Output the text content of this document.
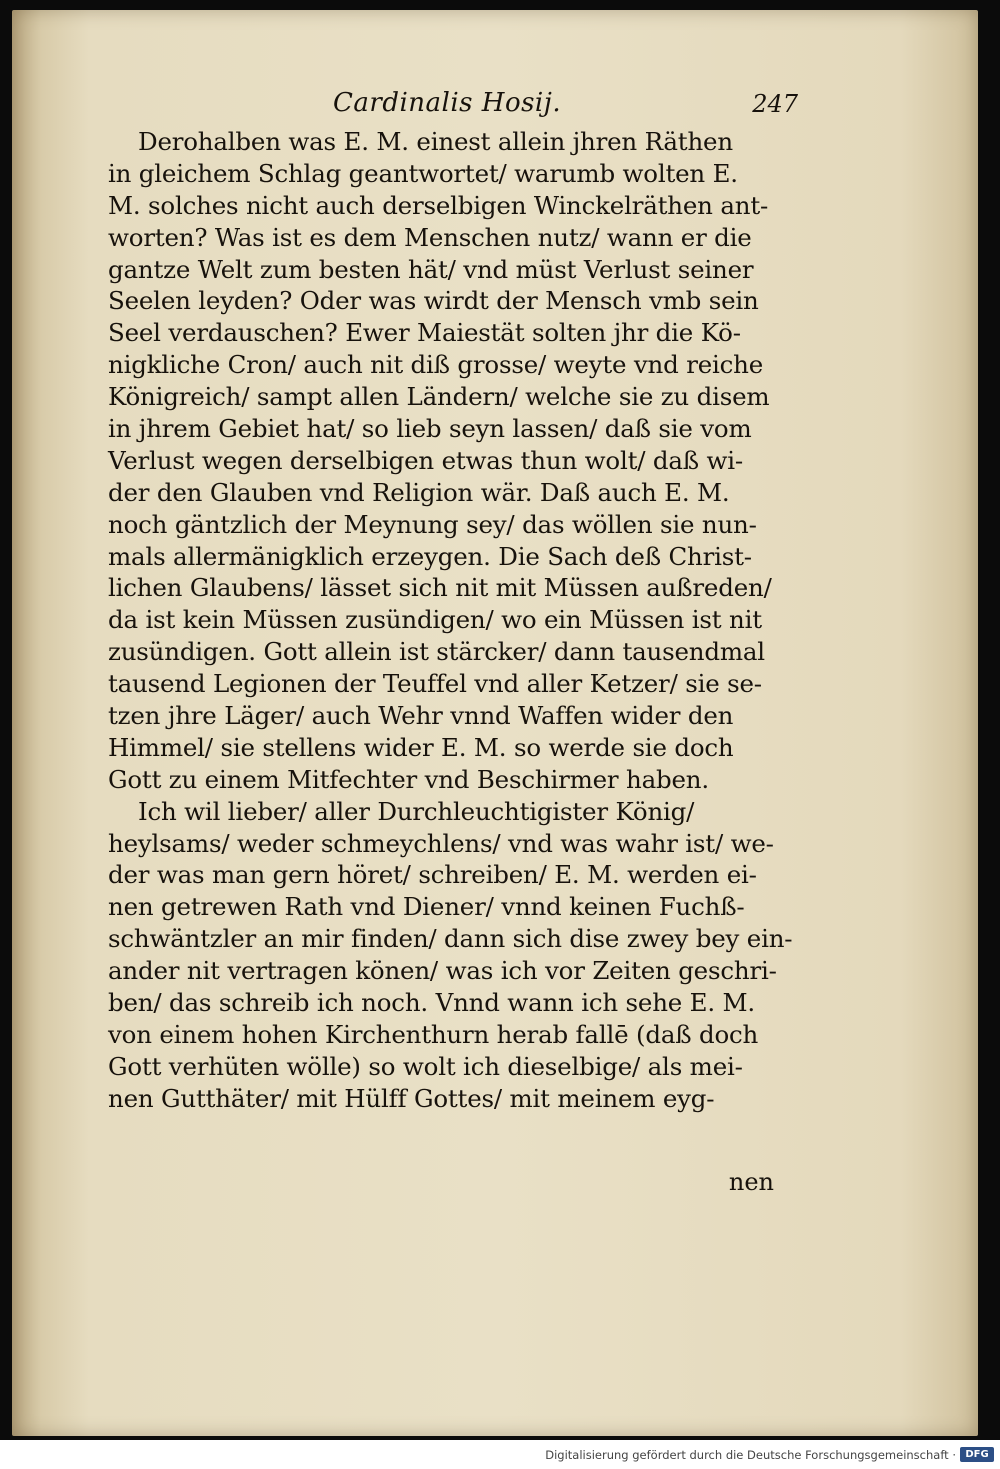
Cardinalis Hosij.	247
Derohalben was E. M. einest allein jhren Räthen
in gleichem Schlag geantwortet/ warumb wolten E.
M. solches nicht auch derselbigen Winckelräthen ant-
worten? Was ist es dem Menschen nutz/ wann er die
gantze Welt zum besten hät/ vnd müst Verlust seiner
Seelen leyden? Oder was wirdt der Mensch vmb sein
Seel verdauschen? Ewer Maiestät solten jhr die Kö-
nigkliche Cron/ auch nit diß grosse/ weyte vnd reiche
Königreich/ sampt allen Ländern/ welche sie zu disem
in jhrem Gebiet hat/ so lieb seyn lassen/ daß sie vom
Verlust wegen derselbigen etwas thun wolt/ daß wi-
der den Glauben vnd Religion wär. Daß auch E. M.
noch gäntzlich der Meynung sey/ das wöllen sie nun-
mals allermänigklich erzeygen. Die Sach deß Christ-
lichen Glaubens/ lässet sich nit mit Müssen außreden/
da ist kein Müssen zusündigen/ wo ein Müssen ist nit
zusündigen. Gott allein ist stärcker/ dann tausendmal
tausend Legionen der Teuffel vnd aller Ketzer/ sie se-
tzen jhre Läger/ auch Wehr vnnd Waffen wider den
Himmel/ sie stellens wider E. M. so werde sie doch
Gott zu einem Mitfechter vnd Beschirmer haben.
Ich wil lieber/ aller Durchleuchtigister König/
heylsams/ weder schmeychlens/ vnd was wahr ist/ we-
der was man gern höret/ schreiben/ E. M. werden ei-
nen getrewen Rath vnd Diener/ vnnd keinen Fuchß-
schwäntzler an mir finden/ dann sich dise zwey bey ein-
ander nit vertragen könen/ was ich vor Zeiten geschri-
ben/ das schreib ich noch. Vnnd wann ich sehe E. M.
von einem hohen Kirchenthurn herab fallē (daß doch
Gott verhüten wölle) so wolt ich dieselbige/ als mei-
nen Gutthäter/ mit Hülff Gottes/ mit meinem eyg-
nen
Digitalisierung gefördert durch die Deutsche Forschungsgemeinschaft · DFG
